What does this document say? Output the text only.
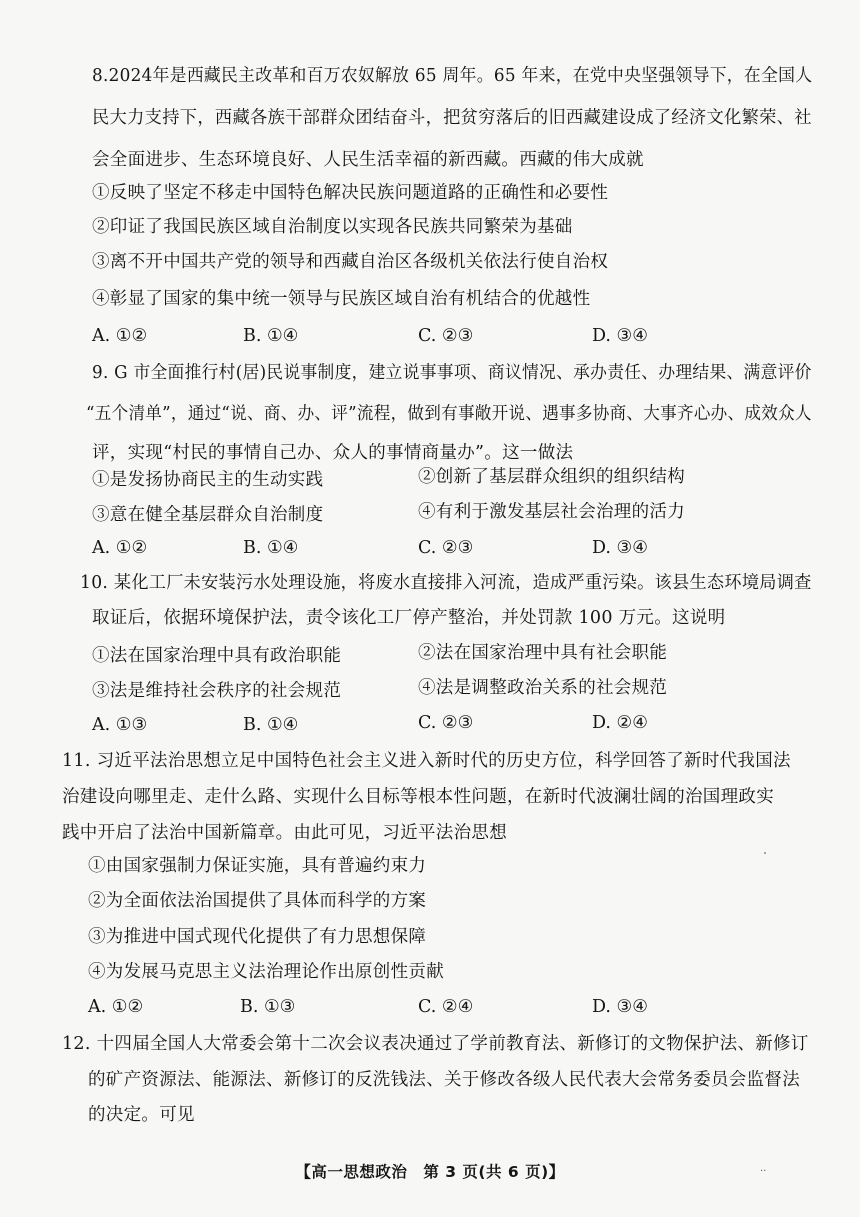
8.2024年是西藏民主改革和百万农奴解放 65 周年。65 年来，在党中央坚强领导下，在全国人
民大力支持下，西藏各族干部群众团结奋斗，把贫穷落后的旧西藏建设成了经济文化繁荣、社
会全面进步、生态环境良好、人民生活幸福的新西藏。西藏的伟大成就
①反映了坚定不移走中国特色解决民族问题道路的正确性和必要性
②印证了我国民族区域自治制度以实现各民族共同繁荣为基础
③离不开中国共产党的领导和西藏自治区各级机关依法行使自治权
④彰显了国家的集中统一领导与民族区域自治有机结合的优越性
A. ①②	B. ①④	C. ②③	D. ③④
9. G 市全面推行村(居)民说事制度，建立说事事项、商议情况、承办责任、办理结果、满意评价
“五个清单”，通过“说、商、办、评”流程，做到有事敞开说、遇事多协商、大事齐心办、成效众人
评，实现“村民的事情自己办、众人的事情商量办”。这一做法
①是发扬协商民主的生动实践	②创新了基层群众组织的组织结构
③意在健全基层群众自治制度	④有利于激发基层社会治理的活力
A. ①②	B. ①④	C. ②③	D. ③④
10. 某化工厂未安装污水处理设施，将废水直接排入河流，造成严重污染。该县生态环境局调查
取证后，依据环境保护法，责令该化工厂停产整治，并处罚款 100 万元。这说明
①法在国家治理中具有政治职能	②法在国家治理中具有社会职能
③法是维持社会秩序的社会规范	④法是调整政治关系的社会规范
A. ①③	B. ①④	C. ②③	D. ②④
11. 习近平法治思想立足中国特色社会主义进入新时代的历史方位，科学回答了新时代我国法
治建设向哪里走、走什么路、实现什么目标等根本性问题，在新时代波澜壮阔的治国理政实
践中开启了法治中国新篇章。由此可见，习近平法治思想
①由国家强制力保证实施，具有普遍约束力
②为全面依法治国提供了具体而科学的方案
③为推进中国式现代化提供了有力思想保障
④为发展马克思主义法治理论作出原创性贡献
A. ①②	B. ①③	C. ②④	D. ③④
12. 十四届全国人大常委会第十二次会议表决通过了学前教育法、新修订的文物保护法、新修订
的矿产资源法、能源法、新修订的反洗钱法、关于修改各级人民代表大会常务委员会监督法
的决定。可见
【高一思想政治　第 3 页(共 6 页)】	..
